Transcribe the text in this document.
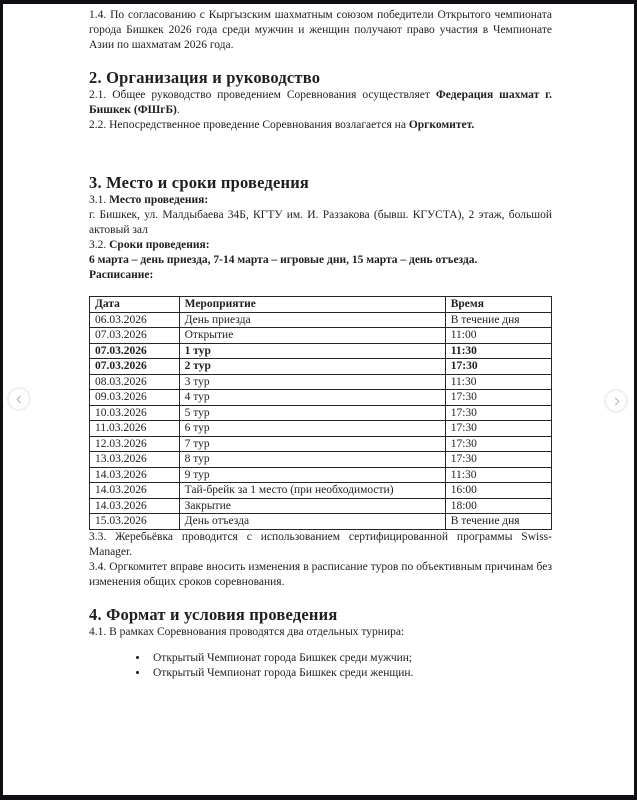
1.4. По согласованию с Кыргызским шахматным союзом победители Открытого чемпионата города Бишкек 2026 года среди мужчин и женщин получают право участия в Чемпионате Азии по шахматам 2026 года.

2. Организация и руководство

2.1. Общее руководство проведением Соревнования осуществляет Федерация шахмат г. Бишкек (ФШгБ).

2.2. Непосредственное проведение Соревнования возлагается на Оргкомитет.

3. Место и сроки проведения

3.1. Место проведения:
г. Бишкек, ул. Малдыбаева 34Б, КГТУ им. И. Раззакова (бывш. КГУСТА), 2 этаж, большой актовый зал

3.2. Сроки проведения:
6 марта – день приезда, 7-14 марта – игровые дни, 15 марта – день отъезда.

Расписание:

Дата	Мероприятие	Время
06.03.2026	День приезда	В течение дня
07.03.2026	Открытие	11:00
07.03.2026	1 тур	11:30
07.03.2026	2 тур	17:30
08.03.2026	3 тур	11:30
09.03.2026	4 тур	17:30
10.03.2026	5 тур	17:30
11.03.2026	6 тур	17:30
12.03.2026	7 тур	17:30
13.03.2026	8 тур	17:30
14.03.2026	9 тур	11:30
14.03.2026	Тай-брейк за 1 место (при необходимости)	16:00
14.03.2026	Закрытие	18:00
15.03.2026	День отъезда	В течение дня

3.3. Жеребьёвка проводится с использованием сертифицированной программы Swiss-Manager.

3.4. Оргкомитет вправе вносить изменения в расписание туров по объективным причинам без изменения общих сроков соревнования.

4. Формат и условия проведения

4.1. В рамках Соревнования проводятся два отдельных турнира:

• Открытый Чемпионат города Бишкек среди мужчин;
• Открытый Чемпионат города Бишкек среди женщин.
